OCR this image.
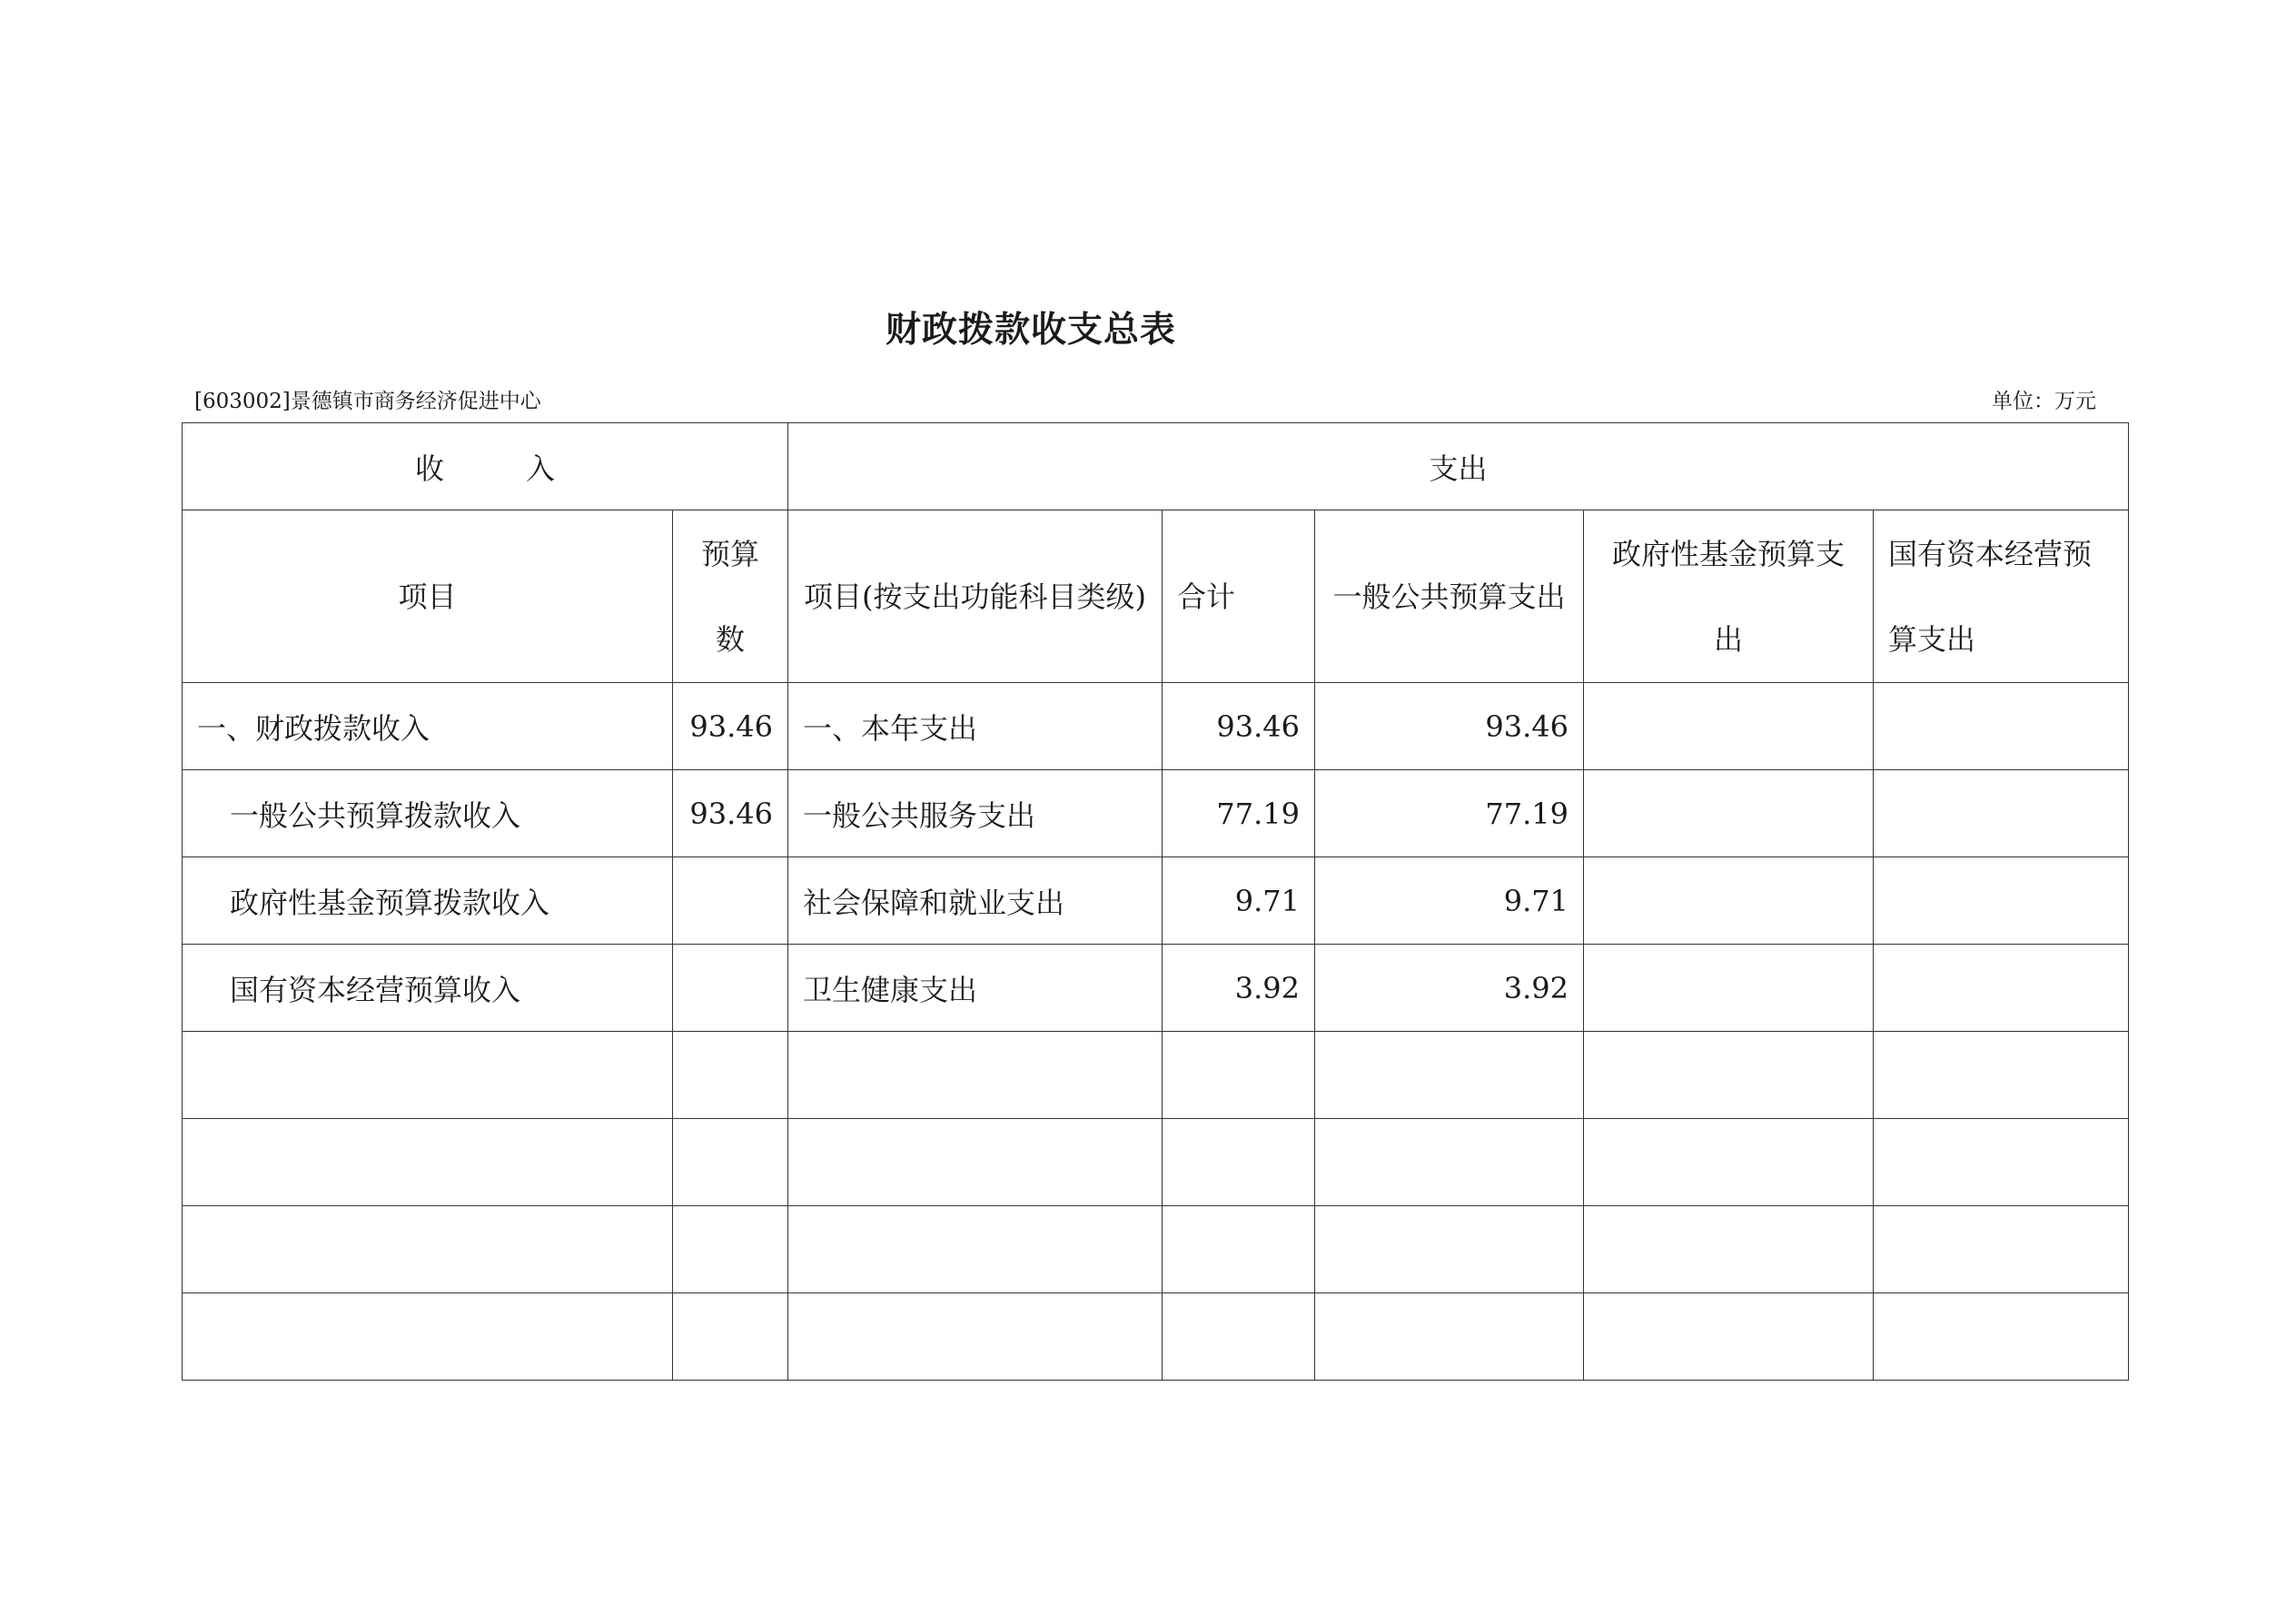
财政拨款收支总表
[603002]景德镇市商务经济促进中心	单位：万元
收 入		支出				
项目	预算数	项目(按支出功能科目类级)	合计	一般公共预算支出	政府性基金预算支出	国有资本经营预算支出
一、财政拨款收入	93.46	一、本年支出	93.46	93.46		
一般公共预算拨款收入	93.46	一般公共服务支出	77.19	77.19		
政府性基金预算拨款收入		社会保障和就业支出	9.71	9.71		
国有资本经营预算收入		卫生健康支出	3.92	3.92		
